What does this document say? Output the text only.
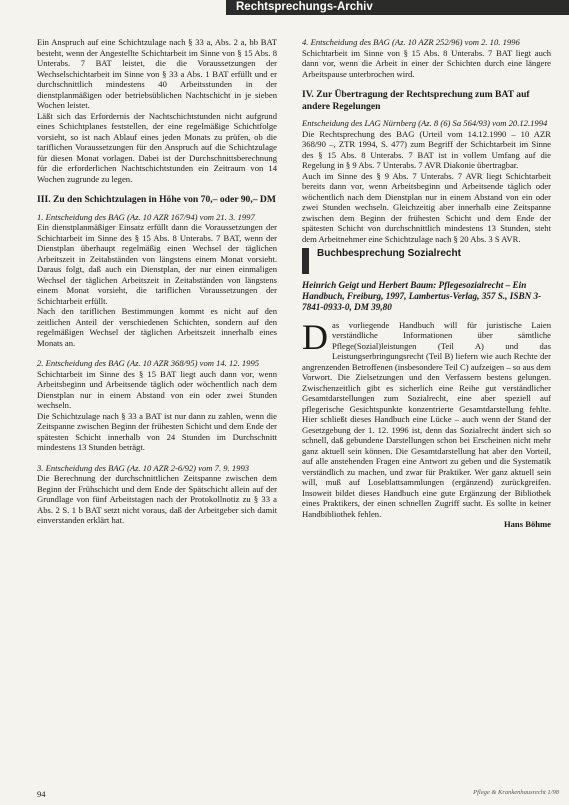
Rechtsprechungs-Archiv

Ein Anspruch auf eine Schichtzulage nach § 33 a, Abs. 2 a, bb BAT besteht, wenn der Angestellte Schichtarbeit im Sinne von § 15 Abs. 8 Unterabs. 7 BAT leistet, die die Voraussetzungen der Wechselschichtarbeit im Sinne von § 33 a Abs. 1 BAT erfüllt und er durchschnittlich mindestens 40 Arbeitsstunden in der dienstplanmäßigen oder betriebsüblichen Nachtschicht in je sieben Wochen leistet.

Läßt sich das Erfordernis der Nachtschichtstunden nicht aufgrund eines Schichtplanes feststellen, der eine regelmäßige Schichtfolge vorsieht, so ist nach Ablauf eines jeden Monats zu prüfen, ob die tariflichen Voraussetzungen für den Anspruch auf die Schichtzulage für diesen Monat vorlagen. Dabei ist der Durchschnittsberechnung für die erforderlichen Nachtschichtstunden ein Zeitraum von 14 Wochen zugrunde zu legen.

III. Zu den Schichtzulagen in Höhe von 70,– oder 90,– DM

1. Entscheidung des BAG (Az. 10 AZR 167/94) vom 21. 3. 1997

Ein dienstplanmäßiger Einsatz erfüllt dann die Voraussetzungen der Schichtarbeit im Sinne des § 15 Abs. 8 Unterabs. 7 BAT, wenn der Dienstplan überhaupt regelmäßig einen Wechsel der täglichen Arbeitszeit in Zeitabständen von längstens einem Monat vorsieht. Daraus folgt, daß auch ein Dienstplan, der nur einen einmaligen Wechsel der täglichen Arbeitszeit in Zeitabständen von längstens einem Monat vorsieht, die tariflichen Voraussetzungen der Schichtarbeit erfüllt.

Nach den tariflichen Bestimmungen kommt es nicht auf den zeitlichen Anteil der verschiedenen Schichten, sondern auf den regelmäßigen Wechsel der täglichen Arbeitszeit innerhalb eines Monats an.

2. Entscheidung des BAG (Az. 10 AZR 368/95) vom 14. 12. 1995

Schichtarbeit im Sinne des § 15 BAT liegt auch dann vor, wenn Arbeitsbeginn und Arbeitsende täglich oder wöchentlich nach dem Dienstplan nur in einem Abstand von ein oder zwei Stunden wechseln.

Die Schichtzulage nach § 33 a BAT ist nur dann zu zahlen, wenn die Zeitspanne zwischen Beginn der frühesten Schicht und dem Ende der spätesten Schicht innerhalb von 24 Stunden im Durchschnitt mindestens 13 Stunden beträgt.

3. Entscheidung des BAG (Az. 10 AZR 2-6/92) vom 7. 9. 1993

Die Berechnung der durchschnittlichen Zeitspanne zwischen dem Beginn der Frühschicht und dem Ende der Spätschicht allein auf der Grundlage von fünf Arbeitstagen nach der Protokollnotiz zu § 33 a Abs. 2 S. 1 b BAT setzt nicht voraus, daß der Arbeitgeber sich damit einverstanden erklärt hat.

4. Entscheidung des BAG (Az. 10 AZR 252/96) vom 2. 10. 1996

Schichtarbeit im Sinne von § 15 Abs. 8 Unterabs. 7 BAT liegt auch dann vor, wenn die Arbeit in einer der Schichten durch eine längere Arbeitspause unterbrochen wird.

IV. Zur Übertragung der Rechtsprechung zum BAT auf andere Regelungen

Entscheidung des LAG Nürnberg (Az. 8 (6) Sa 564/93) vom 20.12.1994

Die Rechtsprechung des BAG (Urteil vom 14.12.1990 – 10 AZR 368/90 –, ZTR 1994, S. 477) zum Begriff der Schichtarbeit im Sinne des § 15 Abs. 8 Unterabs. 7 BAT ist in vollem Umfang auf die Regelung in § 9 Abs. 7 Unterabs. 7 AVR Diakonie übertragbar.

Auch im Sinne des § 9 Abs. 7 Unterabs. 7 AVR liegt Schichtarbeit bereits dann vor, wenn Arbeitsbeginn und Arbeitsende täglich oder wöchentlich nach dem Dienstplan nur in einem Abstand von ein oder zwei Stunden wechseln. Gleichzeitig aber innerhalb eine Zeitspanne zwischen dem Beginn der frühesten Schicht und dem Ende der spätesten Schicht von durchschnittlich mindestens 13 Stunden, steht dem Arbeitnehmer eine Schichtzulage nach § 20 Abs. 3 S AVR.

Buchbesprechung Sozialrecht

Heinrich Geigt und Herbert Baum: Pflegesozialrecht – Ein Handbuch, Freiburg, 1997, Lambertus-Verlag, 357 S., ISBN 3-7841-0933-0, DM 39,80

Das vorliegende Handbuch will für juristische Laien verständliche Informationen über sämtliche Pflege(Sozial)leistungen (Teil A) und das Leistungserbringungsrecht (Teil B) liefern wie auch Rechte der angrenzenden Betroffenen (insbesondere Teil C) aufzeigen – so aus dem Vorwort. Die Zielsetzungen und den Verfassern bestens gelungen. Zwischenzeitlich gibt es sicherlich eine Reihe gut verständlicher Gesamtdarstellungen zum Sozialrecht, eine aber speziell auf pflegerische Gesichtspunkte konzentrierte Gesamtdarstellung fehlte. Hier schließt dieses Handbuch eine Lücke – auch wenn der Stand der Gesetzgebung der 1. 12. 1996 ist, denn das Sozialrecht ändert sich so schnell, daß gebundene Darstellungen schon bei Erscheinen nicht mehr ganz aktuell sein können. Die Gesamtdarstellung hat aber den Vorteil, auf alle anstehenden Fragen eine Antwort zu geben und die Systematik verständlich zu machen, und zwar für Praktiker. Wer ganz aktuell sein will, muß auf Loseblattsammlungen (ergänzend) zurückgreifen. Insoweit bildet dieses Handbuch eine gute Ergänzung der Bibliothek eines Praktikers, der einen schnellen Zugriff sucht. Es sollte in keiner Handbibliothek fehlen.

Hans Böhme

94	Pflege & Krankenhausrecht 1/98
